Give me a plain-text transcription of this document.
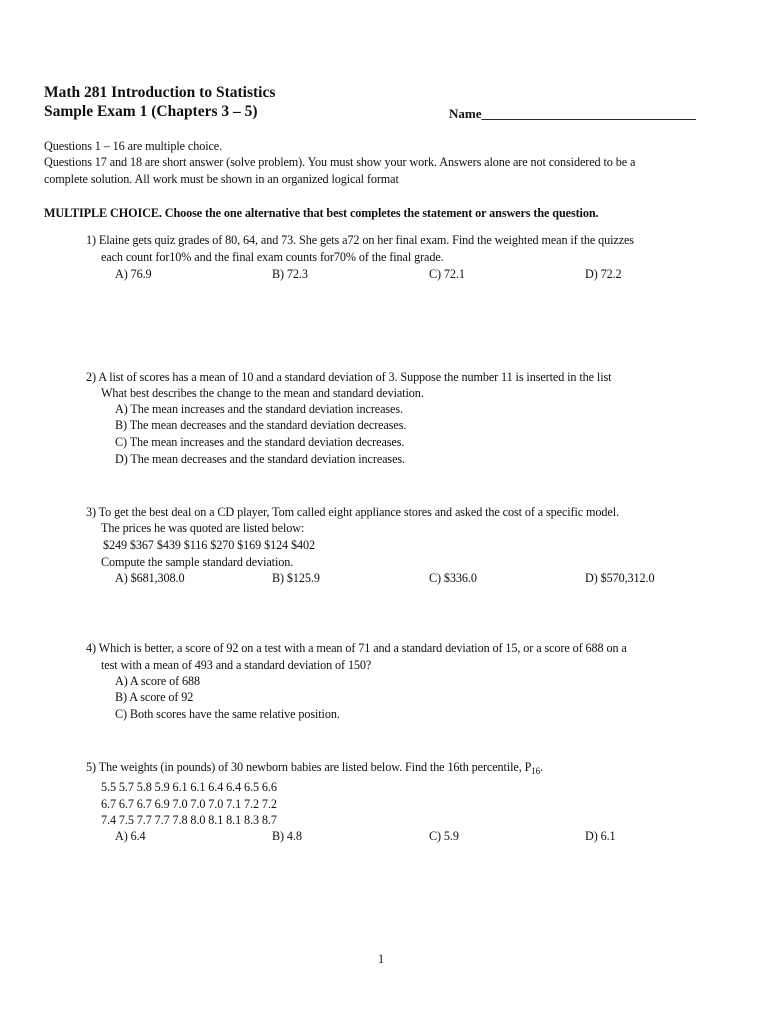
Math 281 Introduction to Statistics
Sample Exam 1 (Chapters 3 – 5)	Name_________________________________
Questions 1 – 16 are multiple choice.
Questions 17 and 18 are short answer (solve problem). You must show your work. Answers alone are not considered to be a
complete solution. All work must be shown in an organized logical format
MULTIPLE CHOICE. Choose the one alternative that best completes the statement or answers the question.
1) Elaine gets quiz grades of 80, 64, and 73. She gets a72 on her final exam. Find the weighted mean if the quizzes
each count for10% and the final exam counts for70% of the final grade.
A) 76.9	B) 72.3	C) 72.1	D) 72.2
2) A list of scores has a mean of 10 and a standard deviation of 3. Suppose the number 11 is inserted in the list
What best describes the change to the mean and standard deviation.
A) The mean increases and the standard deviation increases.
B) The mean decreases and the standard deviation decreases.
C) The mean increases and the standard deviation decreases.
D) The mean decreases and the standard deviation increases.
3) To get the best deal on a CD player, Tom called eight appliance stores and asked the cost of a specific model.
The prices he was quoted are listed below:
$249 $367 $439 $116 $270 $169 $124 $402
Compute the sample standard deviation.
A) $681,308.0	B) $125.9	C) $336.0	D) $570,312.0
4) Which is better, a score of 92 on a test with a mean of 71 and a standard deviation of 15, or a score of 688 on a
test with a mean of 493 and a standard deviation of 150?
A) A score of 688
B) A score of 92
C) Both scores have the same relative position.
5) The weights (in pounds) of 30 newborn babies are listed below. Find the 16th percentile, $P_{16}$.
5.5 5.7 5.8 5.9 6.1 6.1 6.4 6.4 6.5 6.6
6.7 6.7 6.7 6.9 7.0 7.0 7.0 7.1 7.2 7.2
7.4 7.5 7.7 7.7 7.8 8.0 8.1 8.1 8.3 8.7
A) 6.4	B) 4.8	C) 5.9	D) 6.1
1
